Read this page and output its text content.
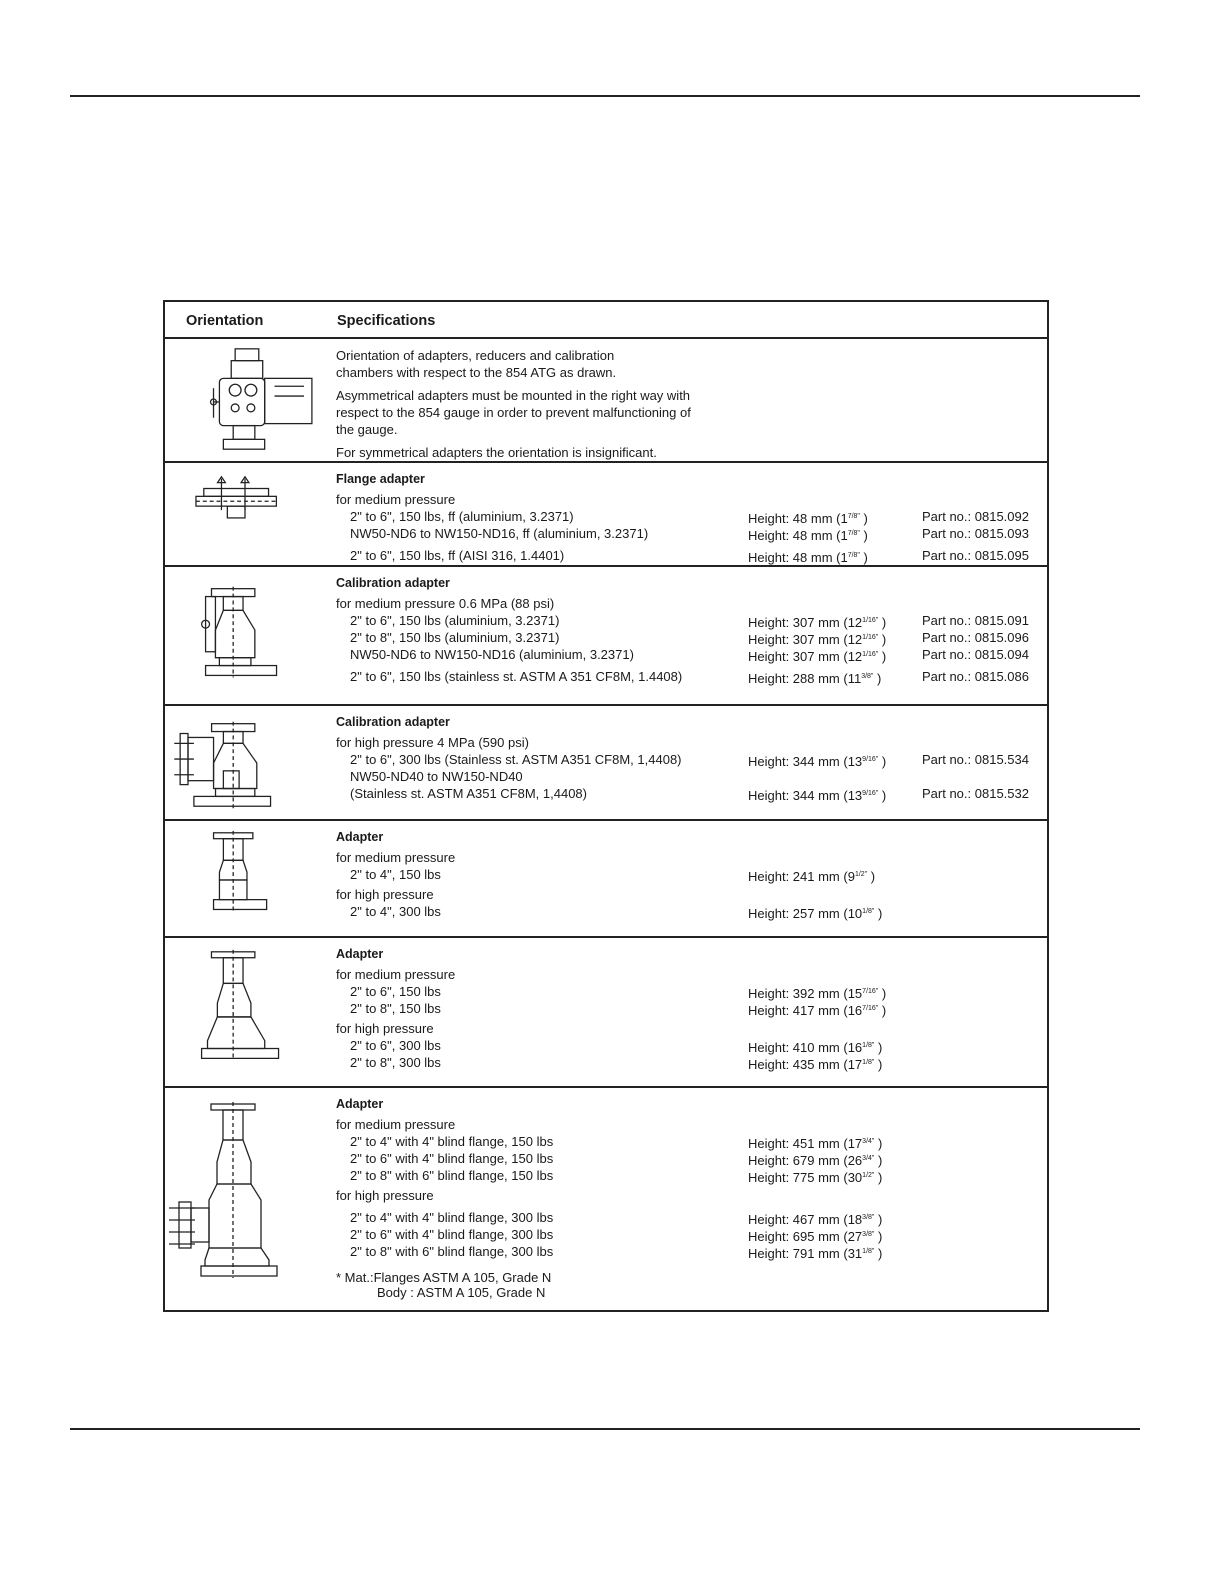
Orientation	Specifications

Orientation of adapters, reducers and calibration chambers with respect to the 854 ATG as drawn.

Asymmetrical adapters must be mounted in the right way with respect to the 854 gauge in order to prevent malfunctioning of the gauge.

For symmetrical adapters the orientation is insignificant.

Flange adapter
for medium pressure
2" to 6", 150 lbs, ff (aluminium, 3.2371)	Height: 48 mm ($1^{7/8"}$ )	Part no.: 0815.092
NW50-ND6 to NW150-ND16, ff (aluminium, 3.2371)	Height: 48 mm ($1^{7/8"}$ )	Part no.: 0815.093
2" to 6", 150 lbs, ff (AISI 316, 1.4401)	Height: 48 mm ($1^{7/8"}$ )	Part no.: 0815.095
Calibration adapter
for medium pressure 0.6 MPa (88 psi)
2" to 6", 150 lbs (aluminium, 3.2371)	Height: 307 mm ($12^{1/16"}$ )	Part no.: 0815.091
2" to 8", 150 lbs (aluminium, 3.2371)	Height: 307 mm ($12^{1/16"}$ )	Part no.: 0815.096
NW50-ND6 to NW150-ND16 (aluminium, 3.2371)	Height: 307 mm ($12^{1/16"}$ )	Part no.: 0815.094
2" to 6", 150 lbs (stainless st. ASTM A 351 CF8M, 1.4408)	Height: 288 mm ($11^{3/8"}$ )	Part no.: 0815.086
Calibration adapter
for high pressure 4 MPa (590 psi)
2" to 6", 300 lbs (Stainless st. ASTM A351 CF8M, 1,4408)	Height: 344 mm ($13^{9/16"}$ )	Part no.: 0815.534
NW50-ND40 to NW150-ND40
(Stainless st. ASTM A351 CF8M, 1,4408)	Height: 344 mm ($13^{9/16"}$ )	Part no.: 0815.532
Adapter
for medium pressure
2" to 4", 150 lbs	Height: 241 mm ($9^{1/2"}$ )
for high pressure
2" to 4", 300 lbs	Height: 257 mm ($10^{1/8"}$ )
Adapter
for medium pressure
2" to 6", 150 lbs	Height: 392 mm ($15^{7/16"}$ )
2" to 8", 150 lbs	Height: 417 mm ($16^{7/16"}$ )
for high pressure
2" to 6", 300 lbs	Height: 410 mm ($16^{1/8"}$ )
2" to 8", 300 lbs	Height: 435 mm ($17^{1/8"}$ )
Adapter
for medium pressure
2" to 4" with 4" blind flange, 150 lbs	Height: 451 mm ($17^{3/4"}$ )
2" to 6" with 4" blind flange, 150 lbs	Height: 679 mm ($26^{3/4"}$ )
2" to 8" with 6" blind flange, 150 lbs	Height: 775 mm ($30^{1/2"}$ )
for high pressure
2" to 4" with 4" blind flange, 300 lbs	Height: 467 mm ($18^{3/8"}$ )
2" to 6" with 4" blind flange, 300 lbs	Height: 695 mm ($27^{3/8"}$ )
2" to 8" with 6" blind flange, 300 lbs	Height: 791 mm ($31^{1/8"}$ )
* Mat.:Flanges ASTM A 105, Grade N
Body : ASTM A 105, Grade N
